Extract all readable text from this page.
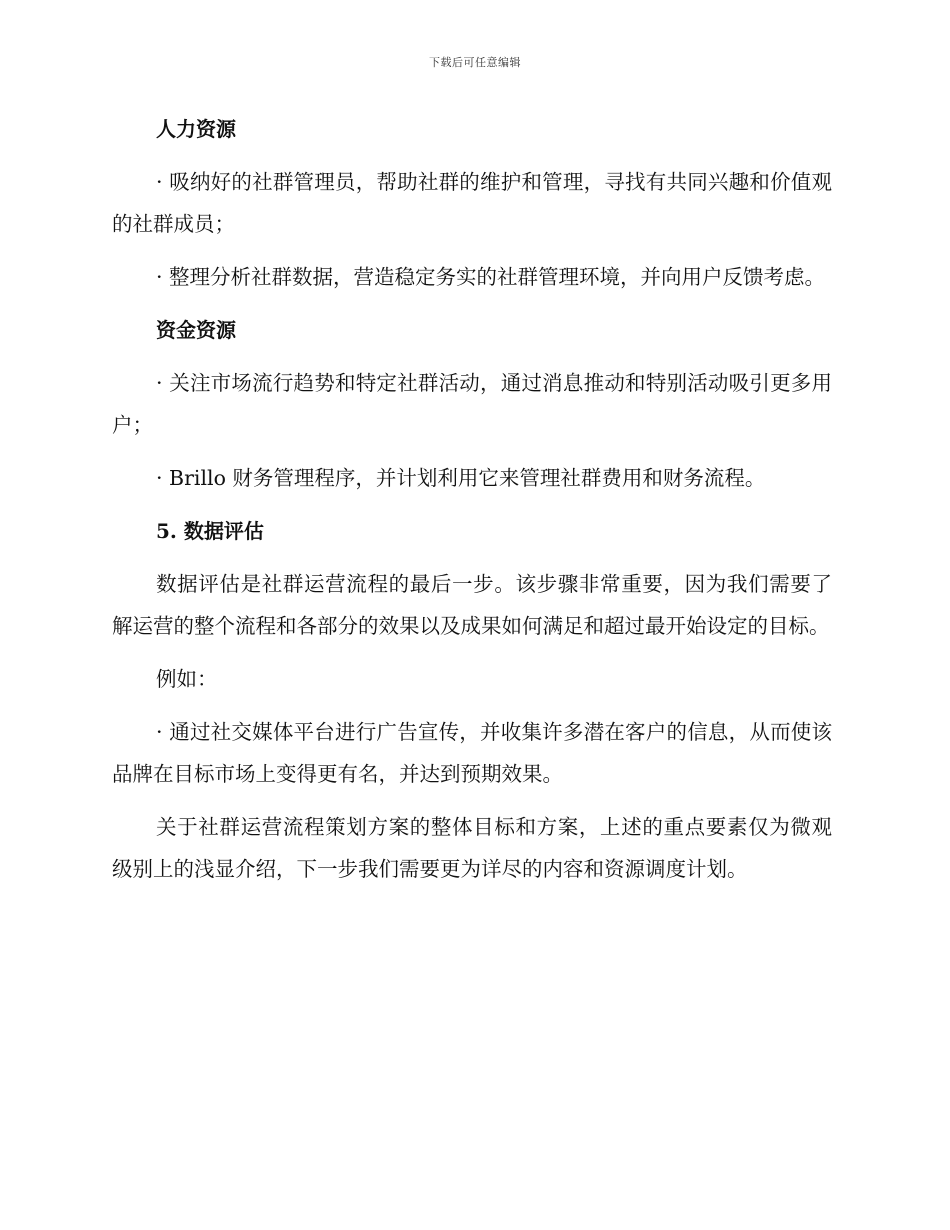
下载后可任意编辑
人力资源
· 吸纳好的社群管理员，帮助社群的维护和管理，寻找有共同兴趣和价值观的社群成员；
· 整理分析社群数据，营造稳定务实的社群管理环境，并向用户反馈考虑。
资金资源
· 关注市场流行趋势和特定社群活动，通过消息推动和特别活动吸引更多用户；
· Brillo 财务管理程序，并计划利用它来管理社群费用和财务流程。
5. 数据评估
数据评估是社群运营流程的最后一步。该步骤非常重要，因为我们需要了解运营的整个流程和各部分的效果以及成果如何满足和超过最开始设定的目标。
例如：
· 通过社交媒体平台进行广告宣传，并收集许多潜在客户的信息，从而使该品牌在目标市场上变得更有名，并达到预期效果。
关于社群运营流程策划方案的整体目标和方案，上述的重点要素仅为微观级别上的浅显介绍，下一步我们需要更为详尽的内容和资源调度计划。
